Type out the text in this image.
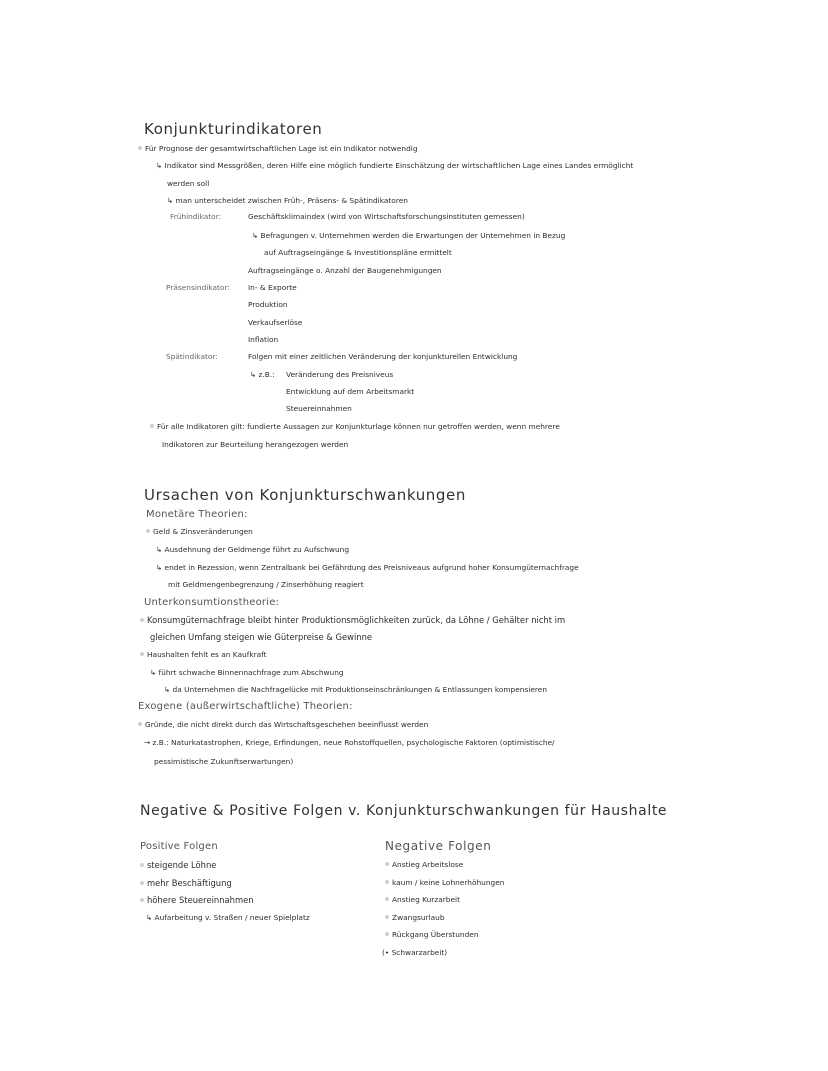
Konjunkturindikatoren
Für Prognose der gesamtwirtschaftlichen Lage ist ein Indikator notwendig
↳ Indikator sind Messgrößen, deren Hilfe eine möglich fundierte Einschätzung der wirtschaftlichen Lage eines Landes ermöglicht
werden soll
↳ man unterscheidet zwischen Früh-, Präsens- & Spätindikatoren
Frühindikator:	Geschäftsklimaindex (wird von Wirtschaftsforschungsinstituten gemessen)
↳ Befragungen v. Unternehmen werden die Erwartungen der Unternehmen in Bezug
auf Auftragseingänge & Investitionspläne ermittelt
Auftragseingänge o. Anzahl der Baugenehmigungen
Präsensindikator: In- & Exporte
Produktion
Verkaufserlöse
Inflation
Spätindikator:	Folgen mit einer zeitlichen Veränderung der konjunkturellen Entwicklung
↳ z.B.: Veränderung des Preisniveus
Entwicklung auf dem Arbeitsmarkt
Steuereinnahmen
Für alle Indikatoren gilt: fundierte Aussagen zur Konjunkturlage können nur getroffen werden, wenn mehrere
Indikatoren zur Beurteilung herangezogen werden
Ursachen von Konjunkturschwankungen
Monetäre Theorien:
Geld & Zinsveränderungen
↳ Ausdehnung der Geldmenge führt zu Aufschwung
↳ endet in Rezession, wenn Zentralbank bei Gefährdung des Preisniveaus aufgrund hoher Konsumgüternachfrage
mit Geldmengenbegrenzung / Zinserhöhung reagiert
Unterkonsumtionstheorie:
Konsumgüternachfrage bleibt hinter Produktionsmöglichkeiten zurück, da Löhne / Gehälter nicht im
gleichen Umfang steigen wie Güterpreise & Gewinne
Haushalten fehlt es an Kaufkraft
↳ führt schwache Binnennachfrage zum Abschwung
↳ da Unternehmen die Nachfragelücke mit Produktionseinschränkungen & Entlassungen kompensieren
Exogene (außerwirtschaftliche) Theorien:
Gründe, die nicht direkt durch das Wirtschaftsgeschehen beeinflusst werden
→ z.B.: Naturkatastrophen, Kriege, Erfindungen, neue Rohstoffquellen, psychologische Faktoren (optimistische/
pessimistische Zukunftserwartungen)
Negative & Positive Folgen v. Konjunkturschwankungen für Haushalte
Positive Folgen
steigende Löhne
mehr Beschäftigung
höhere Steuereinnahmen
↳ Aufarbeitung v. Straßen / neuer Spielplatz
Negative Folgen
Anstieg Arbeitslose
kaum / keine Lohnerhöhungen
Anstieg Kurzarbeit
Zwangsurlaub
Rückgang Überstunden
(• Schwarzarbeit)
